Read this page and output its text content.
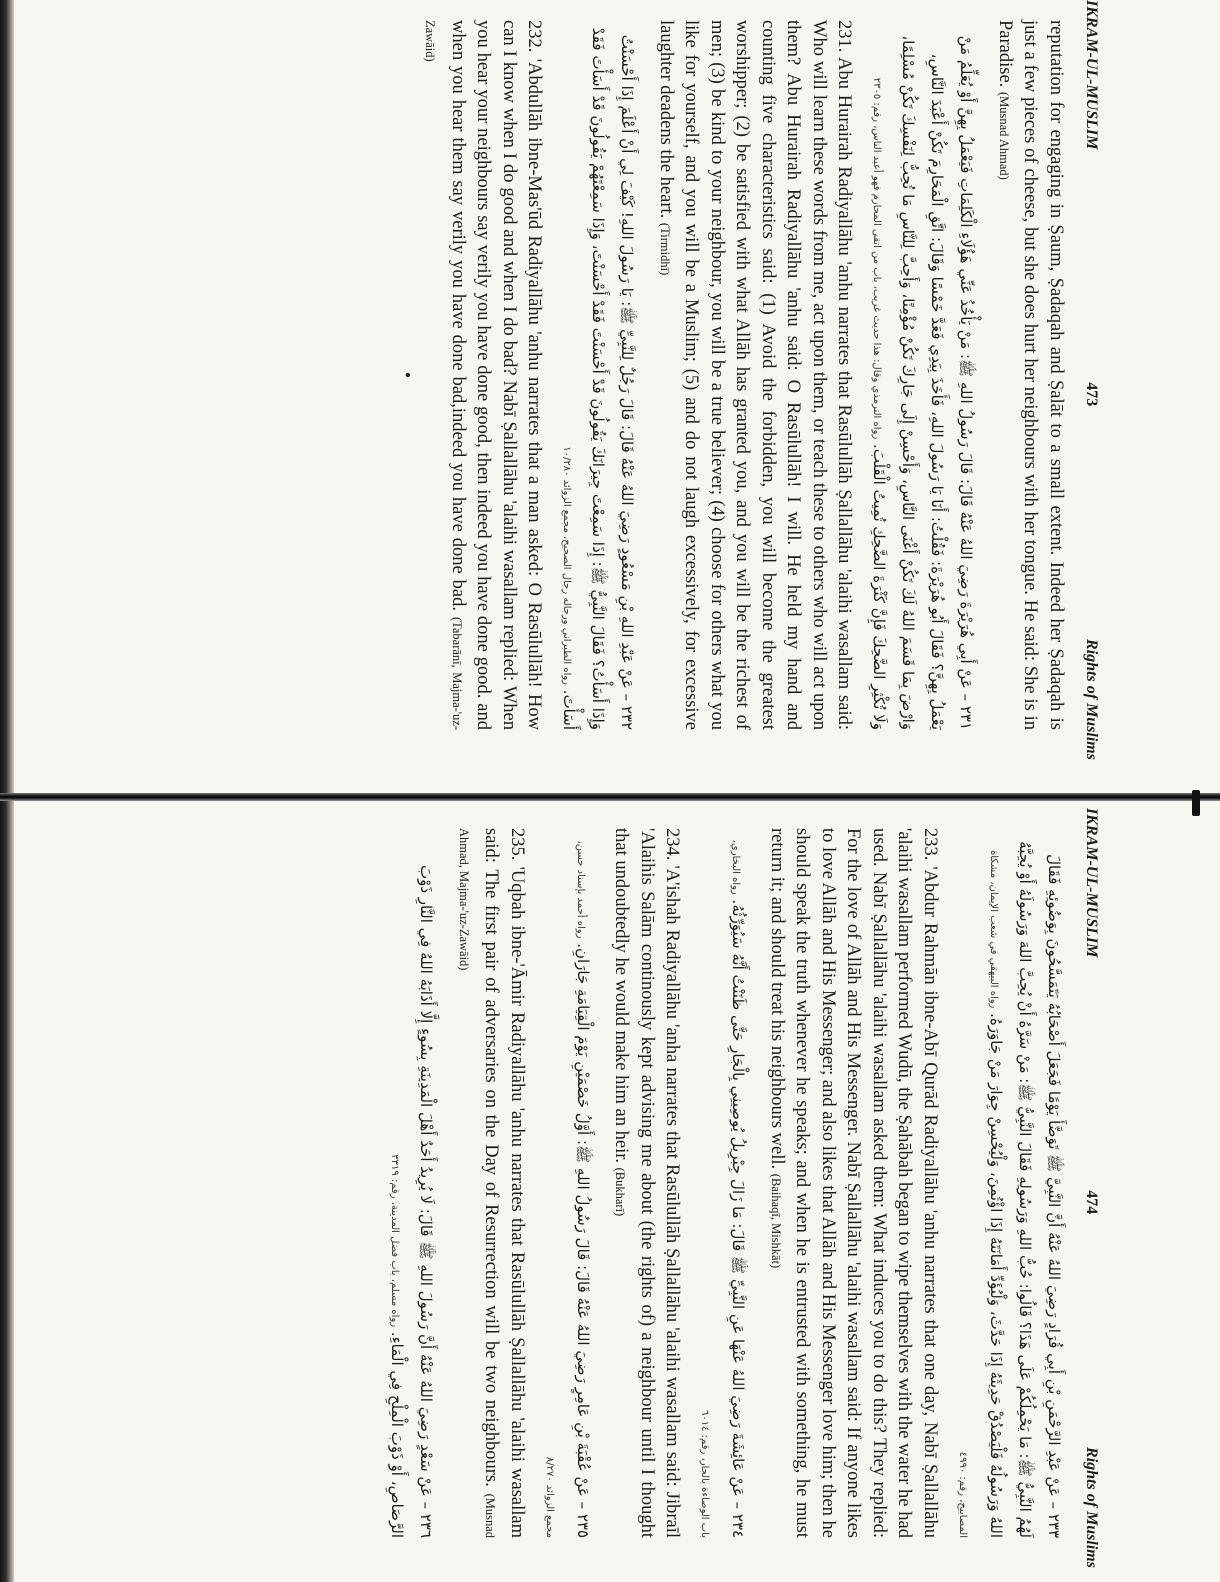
IKRAM-UL-MUSLIM
473
Rights of Muslims

reputation for engaging in Ṣaum, Ṣadaqah and Ṣalāt to a small extent. Indeed her Ṣadaqah is just a few pieces of cheese, but she does hurt her neighbours with her tongue. He said: She is in Paradise. (Musnad Ahmad)

٢٣١ – عَنْ أَبِي هُرَيْرَةَ رَضِيَ اللهُ عَنْهُ قَالَ: قَالَ رَسُولُ اللهِ ﷺ: مَنْ يَأْخُذُ عَنِّي هَؤُلَاءِ الْكَلِمَاتِ فَيَعْمَلُ بِهِنَّ أَوْ يُعَلِّمُ مَنْ يَعْمَلُ بِهِنَّ؟ فَقَالَ أَبُو هُرَيْرَةَ: فَقُلْتُ: أَنَا يَا رَسُولَ اللهِ، فَأَخَذَ بِيَدِي فَعَدَّ خَمْسًا وَقَالَ: اتَّقِ الْمَحَارِمَ تَكُنْ أَعْبَدَ النَّاسِ، وَارْضَ بِمَا قَسَمَ اللهُ لَكَ تَكُنْ أَغْنَى النَّاسِ، وَأَحْسِنْ إِلَى جَارِكَ تَكُنْ مُؤْمِنًا، وَأَحِبَّ لِلنَّاسِ مَا تُحِبُّ لِنَفْسِكَ تَكُنْ مُسْلِمًا، وَلَا تُكْثِرِ الضَّحِكَ فَإِنَّ كَثْرَةَ الضَّحِكِ تُمِيتُ الْقَلْبَ. رواه الترمذي وقال: هذا حديث غريب، باب من اتقى المحارم فهو أعبد الناس، رقم: ٢٣٠٥

231. Abu Hurairah Radiyallāhu 'anhu narrates that Rasūlullāh Ṣallallāhu 'alaihi wasallam said: Who will learn these words from me, act upon them, or teach these to others who will act upon them? Abu Hurairah Radiyallāhu 'anhu said: O Rasūlullāh! I will. He held my hand and counting five characteristics said: (1) Avoid the forbidden, you will become the greatest worshipper; (2) be satisfied with what Allāh has granted you, and you will be the richest of men; (3) be kind to your neighbour, you will be a true believer; (4) choose for others what you like for yourself, and you will be a Muslim; (5) and do not laugh excessively, for excessive laughter deadens the heart. (Tirmidhī)

٢٣٢ – عَنْ عَبْدِ اللهِ بْنِ مَسْعُودٍ رَضِيَ اللهُ عَنْهُ قَالَ: قَالَ رَجُلٌ لِلنَّبِيِّ ﷺ: يَا رَسُولَ اللهِ! كَيْفَ لِي أَنْ أَعْلَمَ إِذَا أَحْسَنْتُ وَإِذَا أَسَأْتُ؟ فَقَالَ النَّبِيُّ ﷺ: إِذَا سَمِعْتَ جِيرَانَكَ يَقُولُونَ قَدْ أَحْسَنْتَ فَقَدْ أَحْسَنْتَ، وَإِذَا سَمِعْتَهُمْ يَقُولُونَ قَدْ أَسَأْتَ فَقَدْ أَسَأْتَ. رواه الطبراني ورجاله رجال الصحيح، مجمع الزوائد ١٠/٢٨٠

232. 'Abdullāh ibne-Mas'ūd Radiyallāhu 'anhu narrates that a man asked: O Rasūlullāh! How can I know when I do good and when I do bad? Nabī Ṣallallāhu 'alaihi wasallam replied: When you hear your neighbours say verily you have done good, then indeed you have done good. and when you hear them say verily you have done bad,indeed you have done bad. (Tabarānī, Majma-'uz-Zawāid)

●
IKRAM-UL-MUSLIM
474
Rights of Muslims

٢٣٣ – عَنْ عَبْدِ الرَّحْمَنِ بْنِ أَبِي قُرَادٍ رَضِيَ اللهُ عَنْهُ أَنَّ النَّبِيَّ ﷺ تَوَضَّأَ يَوْمًا فَجَعَلَ أَصْحَابُهُ يَتَمَسَّحُونَ بِوَضُوئِهِ فَقَالَ لَهُمُ النَّبِيُّ ﷺ: مَا يَحْمِلُكُمْ عَلَى هَذَا؟ قَالُوا: حُبُّ اللهِ وَرَسُولِهِ فَقَالَ النَّبِيُّ ﷺ: مَنْ سَرَّهُ أَنْ يُحِبَّ اللهَ وَرَسُولَهُ أَوْ يُحِبَّهُ اللهُ وَرَسُولُهُ فَلْيَصْدُقْ حَدِيثَهُ إِذَا حَدَّثَ، وَلْيُؤَدِّ أَمَانَتَهُ إِذَا اؤْتُمِنَ، وَلْيُحْسِنْ جِوَارَ مَنْ جَاوَرَهُ. رواه البيهقي في شعب الإيمان، مشكاة المصابيح، رقم: ٤٩٩٠

233. 'Abdur Rahmān ibne-Abī Qurād Radiyallāhu 'anhu narrates that one day, Nabī Ṣallallāhu 'alaihi wasallam performed Wudū, the Ṣahābah began to wipe themselves with the water he had used. Nabī Ṣallallāhu 'alaihi wasallam asked them: What induces you to do this? They replied: For the love of Allāh and His Messenger. Nabī Ṣallallāhu 'alaihi wasallam said: If anyone likes to love Allāh and His Messenger; and also likes that Allāh and His Messenger love him; then he should speak the truth whenever he speaks; and when he is entrusted with something, he must return it; and should treat his neighbours well. (Baihaqī, Mishkāt)

٢٣٤ – عَنْ عَائِشَةَ رَضِيَ اللهُ عَنْهَا عَنِ النَّبِيِّ ﷺ قَالَ: مَا زَالَ جِبْرِيلُ يُوصِينِي بِالْجَارِ حَتَّى ظَنَنْتُ أَنَّهُ سَيُوَرِّثُهُ. رواه البخاري، باب الوصاءة بالجار، رقم: ٦٠١٤

234. 'A'ishah Radiyallāhu 'anha narrates that Rasūlullāh Ṣallallāhu 'alaihi wasallam said: Jibraīl 'Alaihis Salām continously kept advising me about (the rights of) a neighbour until I thought that undoubtedly he would make him an heir. (Bukharī)

٢٣٥ – عَنْ عُقْبَةَ بْنِ عَامِرٍ رَضِيَ اللهُ عَنْهُ قَالَ: قَالَ رَسُولُ اللهِ ﷺ: أَوَّلُ خَصْمَيْنِ يَوْمَ الْقِيَامَةِ جَارَانِ. رواه أحمد بإسناد حسن، مجمع الزوائد ٨/٢٧٠

235. 'Uqbah ibne-'Āmir Radiyallāhu 'anhu narrates that Rasūlullāh Ṣallallāhu 'alaihi wasallam said: The first pair of adversaries on the Day of Resurrection will be two neighbours. (Musnad Ahmad, Majma-'uz-Zawāid)

٢٣٦ – عَنْ سَعْدٍ رَضِيَ اللهُ عَنْهُ أَنَّ رَسُولَ اللهِ ﷺ قَالَ: لَا يُرِيدُ أَحَدٌ أَهْلَ الْمَدِينَةِ بِسُوءٍ إِلَّا أَذَابَهُ اللهُ فِي النَّارِ ذَوْبَ الرَّصَاصِ، أَوْ ذَوْبَ الْمِلْحِ فِي الْمَاءِ. رواه مسلم، باب فضل المدينة، رقم: ٣٣١٩
